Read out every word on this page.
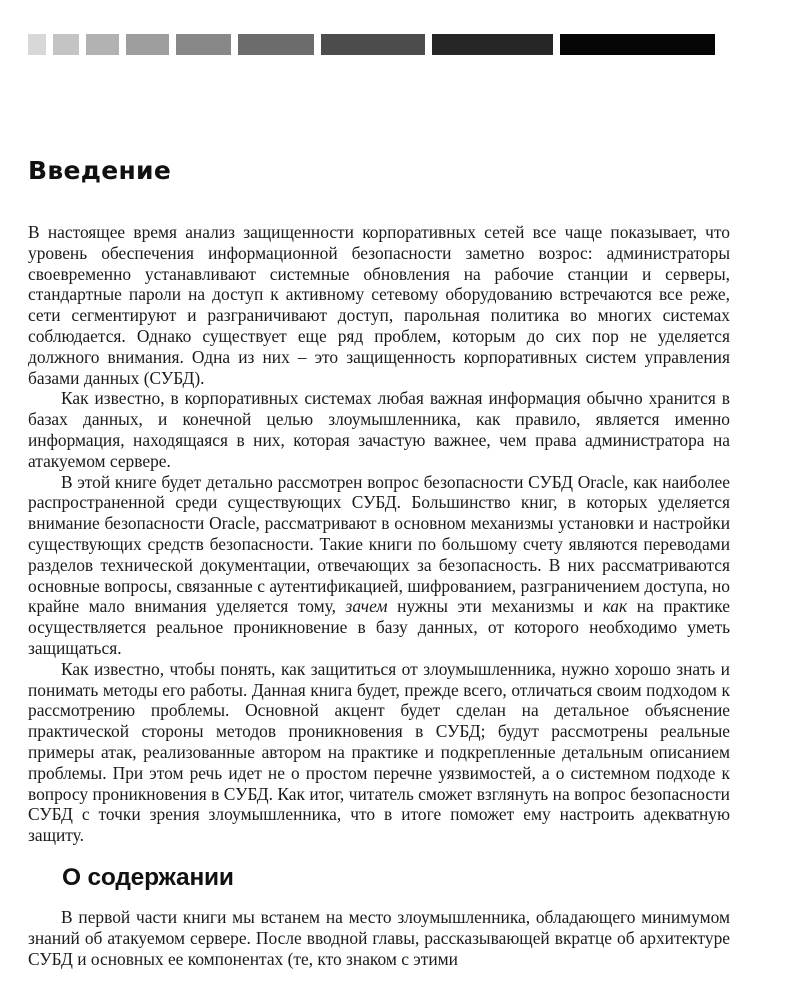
Введение

В настоящее время анализ защищенности корпоративных сетей все чаще показывает, что уровень обеспечения информационной безопасности заметно возрос: администраторы своевременно устанавливают системные обновления на рабочие станции и серверы, стандартные пароли на доступ к активному сетевому оборудованию встречаются все реже, сети сегментируют и разграничивают доступ, парольная политика во многих системах соблюдается. Однако существует еще ряд проблем, которым до сих пор не уделяется должного внимания. Одна из них – это защищенность корпоративных систем управления базами данных (СУБД).

Как известно, в корпоративных системах любая важная информация обычно хранится в базах данных, и конечной целью злоумышленника, как правило, является именно информация, находящаяся в них, которая зачастую важнее, чем права администратора на атакуемом сервере.

В этой книге будет детально рассмотрен вопрос безопасности СУБД Oracle, как наиболее распространенной среди существующих СУБД. Большинство книг, в которых уделяется внимание безопасности Oracle, рассматривают в основном механизмы установки и настройки существующих средств безопасности. Такие книги по большому счету являются переводами разделов технической документации, отвечающих за безопасность. В них рассматриваются основные вопросы, связанные с аутентификацией, шифрованием, разграничением доступа, но крайне мало внимания уделяется тому, зачем нужны эти механизмы и как на практике осуществляется реальное проникновение в базу данных, от которого необходимо уметь защищаться.

Как известно, чтобы понять, как защититься от злоумышленника, нужно хорошо знать и понимать методы его работы. Данная книга будет, прежде всего, отличаться своим подходом к рассмотрению проблемы. Основной акцент будет сделан на детальное объяснение практической стороны методов проникновения в СУБД; будут рассмотрены реальные примеры атак, реализованные автором на практике и подкрепленные детальным описанием проблемы. При этом речь идет не о простом перечне уязвимостей, а о системном подходе к вопросу проникновения в СУБД. Как итог, читатель сможет взглянуть на вопрос безопасности СУБД с точки зрения злоумышленника, что в итоге поможет ему настроить адекватную защиту.

О содержании

В первой части книги мы встанем на место злоумышленника, обладающего минимумом знаний об атакуемом сервере. После вводной главы, рассказывающей вкратце об архитектуре СУБД и основных ее компонентах (те, кто знаком с этими
